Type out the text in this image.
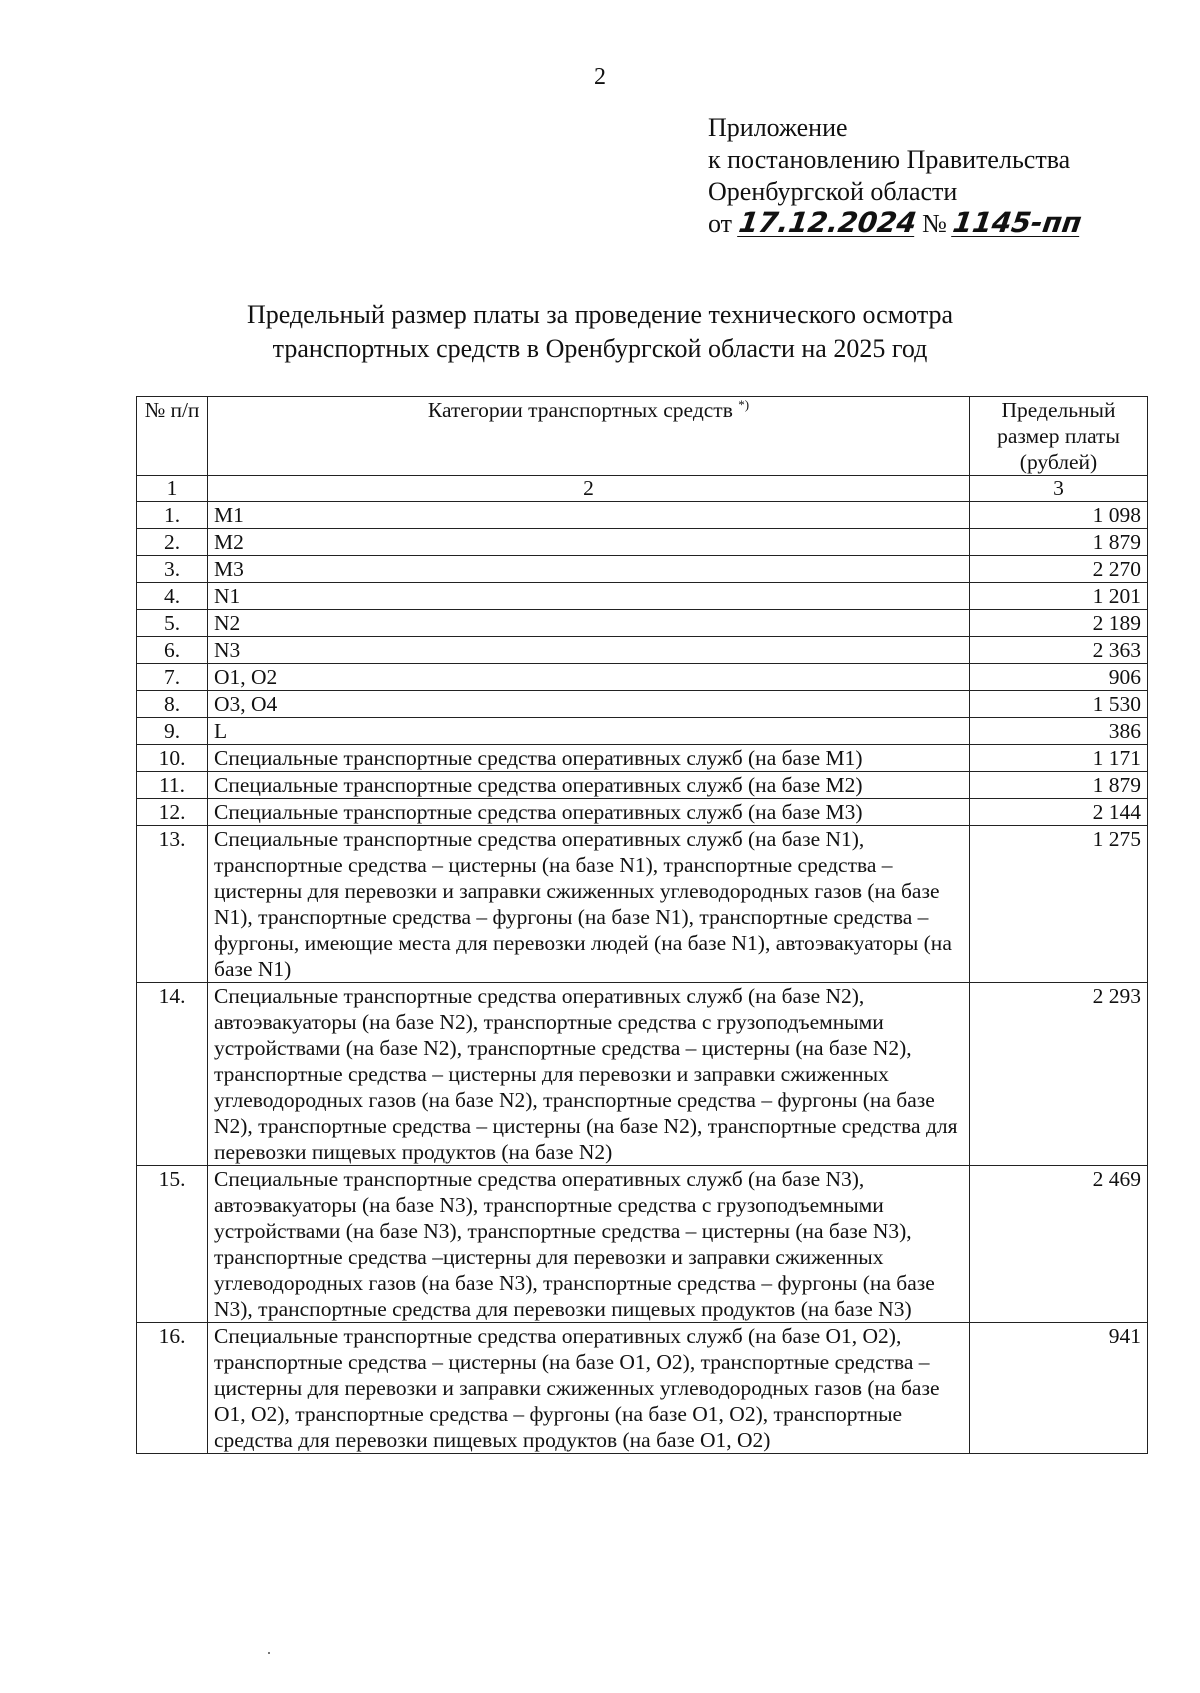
2
Приложение
к постановлению Правительства
Оренбургской области
от 17.12.2024 № 1145-пп
Предельный размер платы за проведение технического осмотра
транспортных средств в Оренбургской области на 2025 год
№ п/п	Категории транспортных средств *)	Предельный размер платы (рублей)
1	2	3
1.	M1	1 098
2.	M2	1 879
3.	M3	2 270
4.	N1	1 201
5.	N2	2 189
6.	N3	2 363
7.	O1, O2	906
8.	O3, O4	1 530
9.	L	386
10.	Специальные транспортные средства оперативных служб (на базе M1)	1 171
11.	Специальные транспортные средства оперативных служб (на базе M2)	1 879
12.	Специальные транспортные средства оперативных служб (на базе M3)	2 144
13.	Специальные транспортные средства оперативных служб (на базе N1), транспортные средства – цистерны (на базе N1), транспортные средства – цистерны для перевозки и заправки сжиженных углеводородных газов (на базе N1), транспортные средства – фургоны (на базе N1), транспортные средства – фургоны, имеющие места для перевозки людей (на базе N1), автоэвакуаторы (на базе N1)	1 275
14.	Специальные транспортные средства оперативных служб (на базе N2), автоэвакуаторы (на базе N2), транспортные средства с грузоподъемными устройствами (на базе N2), транспортные средства – цистерны (на базе N2), транспортные средства – цистерны для перевозки и заправки сжиженных углеводородных газов (на базе N2), транспортные средства – фургоны (на базе N2), транспортные средства – цистерны (на базе N2), транспортные средства для перевозки пищевых продуктов (на базе N2)	2 293
15.	Специальные транспортные средства оперативных служб (на базе N3), автоэвакуаторы (на базе N3), транспортные средства с грузоподъемными устройствами (на базе N3), транспортные средства – цистерны (на базе N3), транспортные средства –цистерны для перевозки и заправки сжиженных углеводородных газов (на базе N3), транспортные средства – фургоны (на базе N3), транспортные средства для перевозки пищевых продуктов (на базе N3)	2 469
16.	Специальные транспортные средства оперативных служб (на базе O1, O2), транспортные средства – цистерны (на базе O1, O2), транспортные средства – цистерны для перевозки и заправки сжиженных углеводородных газов (на базе O1, O2), транспортные средства – фургоны (на базе O1, O2), транспортные средства для перевозки пищевых продуктов (на базе O1, O2)	941
